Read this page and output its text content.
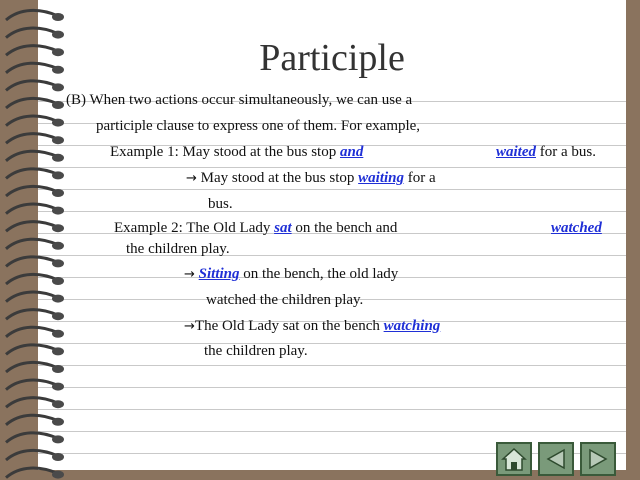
Participle
(B) When two actions occur simultaneously, we can use a
participle clause to express one of them. For example,
Example 1: May stood at the bus stop and	waited for a bus.
→ May stood at the bus stop waiting for a
bus.
Example 2: The Old Lady sat on the bench and	watched
the children play.
→ Sitting on the bench, the old lady
watched the children play.
→The Old Lady sat on the bench watching
the children play.
